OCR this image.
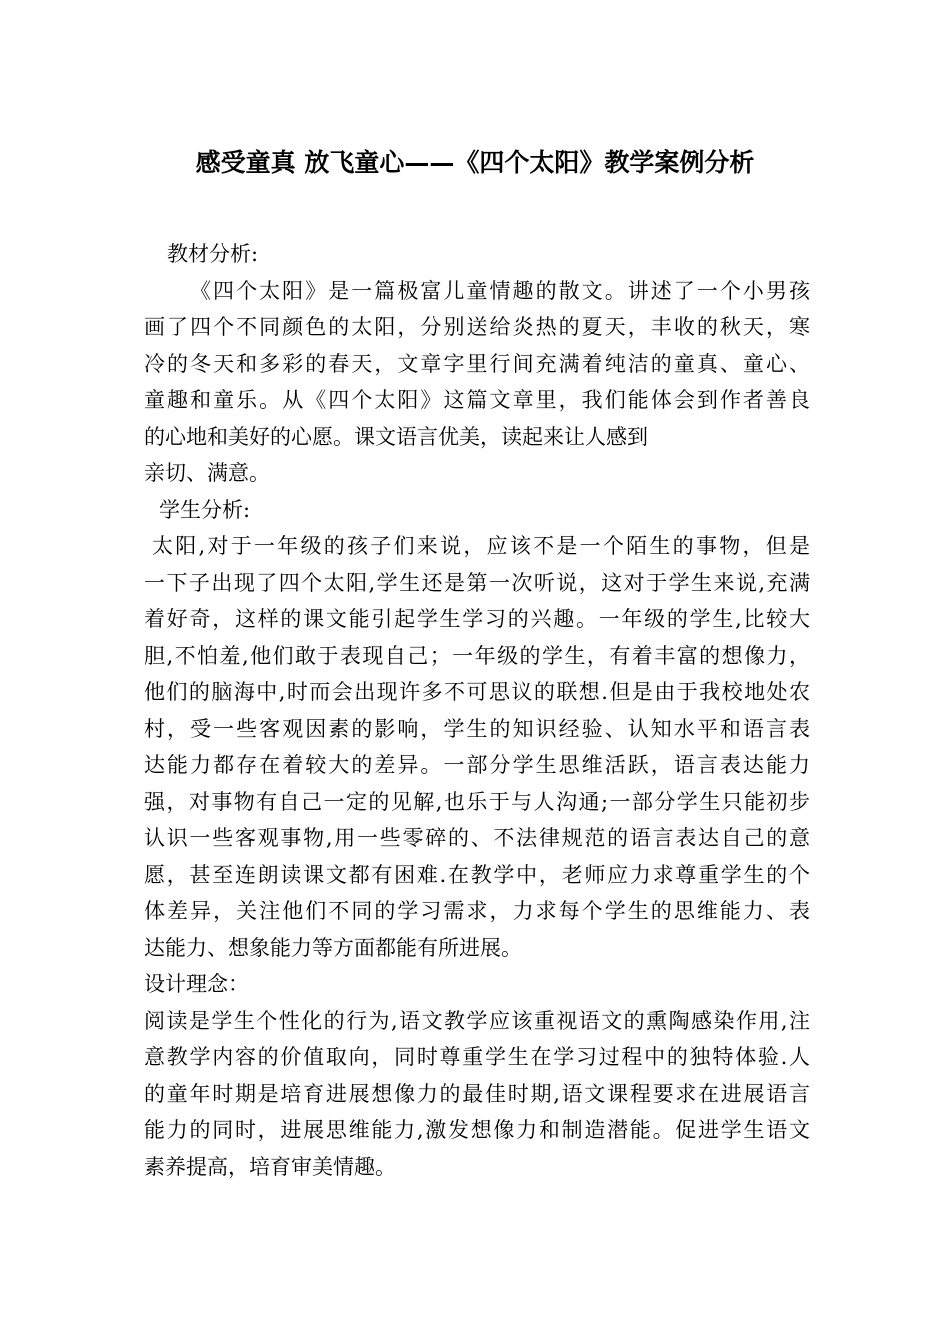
感受童真 放飞童心——《四个太阳》教学案例分析
教材分析:
《四个太阳》是一篇极富儿童情趣的散文。讲述了一个小男孩
画了四个不同颜色的太阳，分别送给炎热的夏天，丰收的秋天，寒
冷的冬天和多彩的春天，文章字里行间充满着纯洁的童真、童心、
童趣和童乐。从《四个太阳》这篇文章里，我们能体会到作者善良
的心地和美好的心愿。课文语言优美，读起来让人感到
亲切、满意。
学生分析:
太阳,对于一年级的孩子们来说，应该不是一个陌生的事物，但是
一下子出现了四个太阳,学生还是第一次听说，这对于学生来说,充满
着好奇，这样的课文能引起学生学习的兴趣。一年级的学生,比较大
胆,不怕羞,他们敢于表现自己；一年级的学生，有着丰富的想像力，
他们的脑海中,时而会出现许多不可思议的联想.但是由于我校地处农
村，受一些客观因素的影响，学生的知识经验、认知水平和语言表
达能力都存在着较大的差异。一部分学生思维活跃，语言表达能力
强，对事物有自己一定的见解,也乐于与人沟通;一部分学生只能初步
认识一些客观事物,用一些零碎的、不法律规范的语言表达自己的意
愿，甚至连朗读课文都有困难.在教学中，老师应力求尊重学生的个
体差异，关注他们不同的学习需求，力求每个学生的思维能力、表
达能力、想象能力等方面都能有所进展。
设计理念：
阅读是学生个性化的行为,语文教学应该重视语文的熏陶感染作用,注
意教学内容的价值取向，同时尊重学生在学习过程中的独特体验.人
的童年时期是培育进展想像力的最佳时期,语文课程要求在进展语言
能力的同时，进展思维能力,激发想像力和制造潜能。促进学生语文
素养提高，培育审美情趣。
